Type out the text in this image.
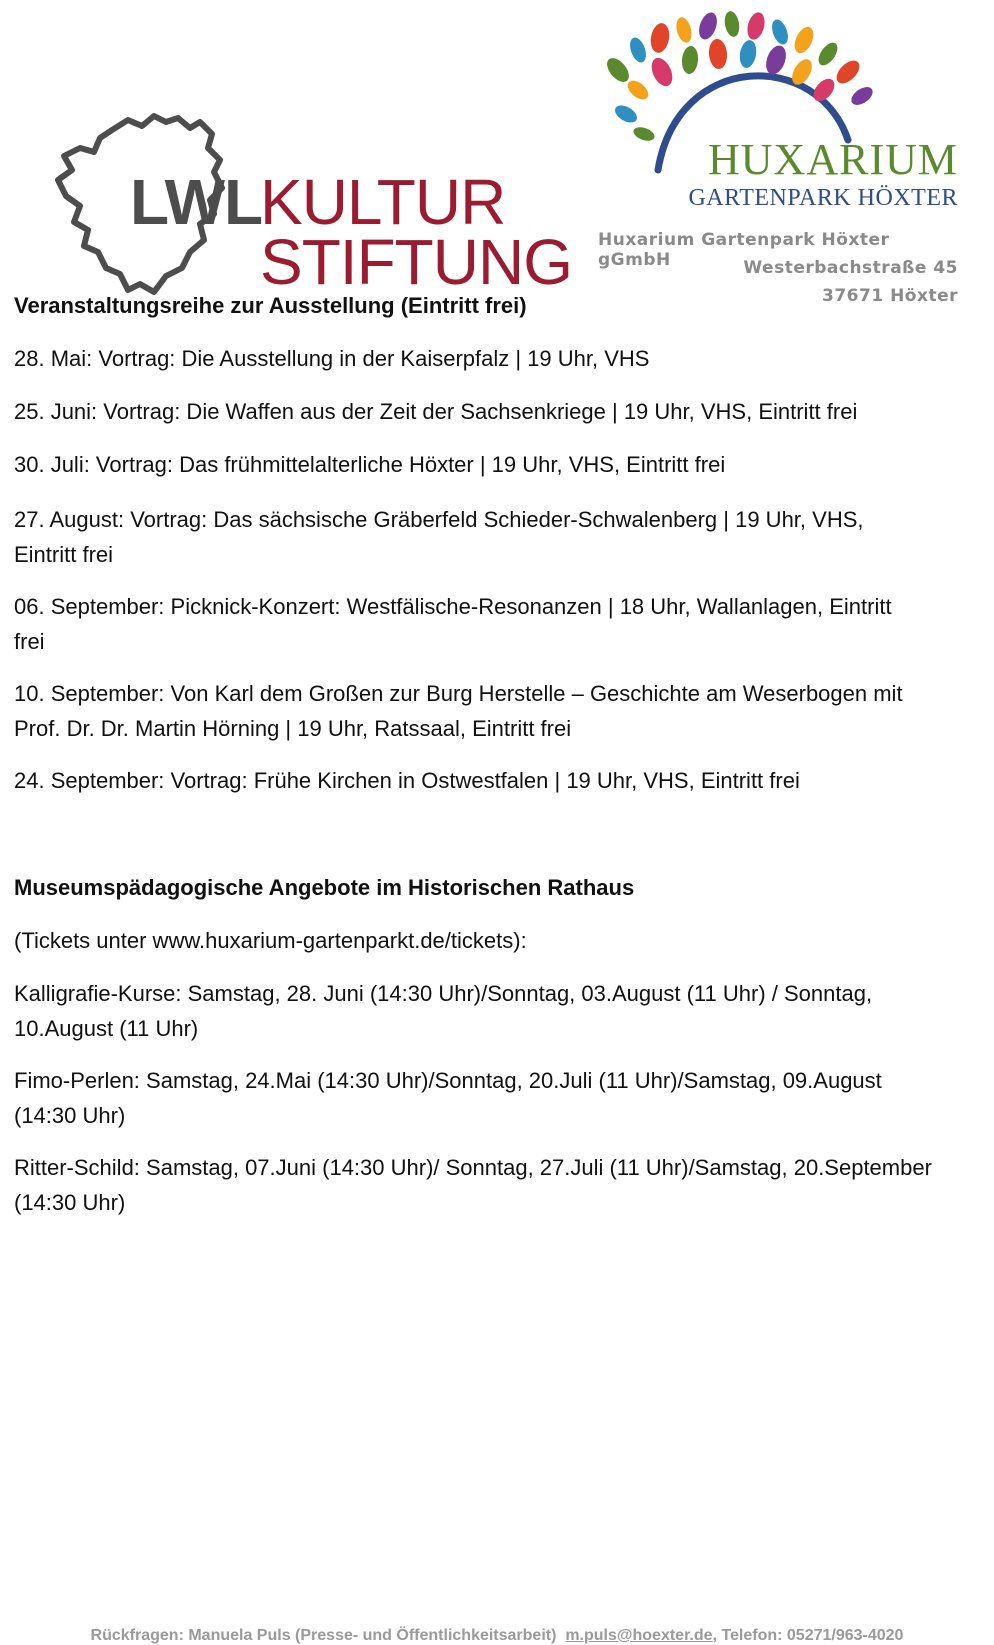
LWL
KULTUR
STIFTUNG
HUXARIUM
GARTENPARK HÖXTER
Huxarium Gartenpark Höxter gGmbH	Westerbachstraße 45
37671 Höxter
Veranstaltungsreihe zur Ausstellung (Eintritt frei)
28. Mai: Vortrag: Die Ausstellung in der Kaiserpfalz | 19 Uhr, VHS
25. Juni: Vortrag: Die Waffen aus der Zeit der Sachsenkriege | 19 Uhr, VHS, Eintritt frei
30. Juli: Vortrag: Das frühmittelalterliche Höxter | 19 Uhr, VHS, Eintritt frei
27. August: Vortrag: Das sächsische Gräberfeld Schieder-Schwalenberg | 19 Uhr, VHS, Eintritt frei
06. September: Picknick-Konzert: Westfälische-Resonanzen | 18 Uhr, Wallanlagen, Eintritt frei
10. September: Von Karl dem Großen zur Burg Herstelle – Geschichte am Weserbogen mit Prof. Dr. Dr. Martin Hörning | 19 Uhr, Ratssaal, Eintritt frei
24. September: Vortrag: Frühe Kirchen in Ostwestfalen | 19 Uhr, VHS, Eintritt frei
Museumspädagogische Angebote im Historischen Rathaus
(Tickets unter www.huxarium-gartenparkt.de/tickets):
Kalligrafie-Kurse: Samstag, 28. Juni (14:30 Uhr)/Sonntag, 03.August (11 Uhr) / Sonntag, 10.August (11 Uhr)
Fimo-Perlen: Samstag, 24.Mai (14:30 Uhr)/Sonntag, 20.Juli (11 Uhr)/Samstag, 09.August (14:30 Uhr)
Ritter-Schild: Samstag, 07.Juni (14:30 Uhr)/ Sonntag, 27.Juli (11 Uhr)/Samstag, 20.September (14:30 Uhr)
Rückfragen: Manuela Puls (Presse- und Öffentlichkeitsarbeit) m.puls@hoexter.de, Telefon: 05271/963-4020
